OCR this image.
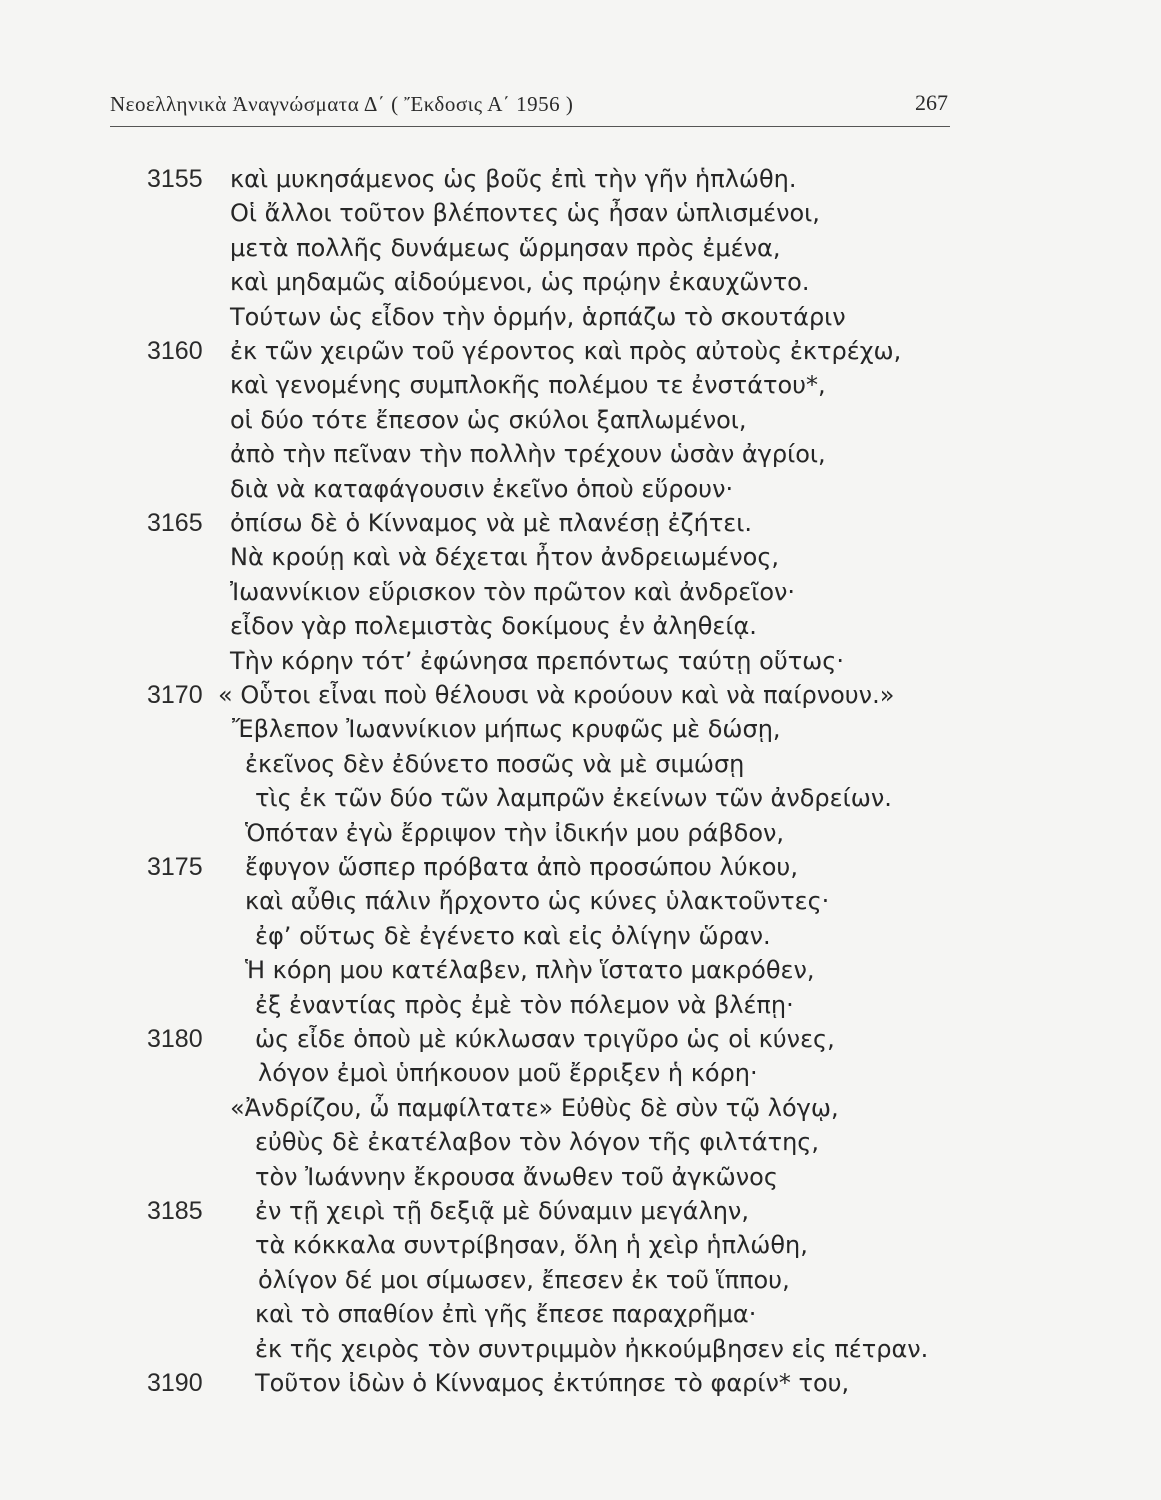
Νεοελληνικὰ Ἀναγνώσματα Δ΄ ( Ἔκδοσις Α΄ 1956 )	267
3155 καὶ μυκησάμενος ὡς βοῦς ἐπὶ τὴν γῆν ἡπλώθη.
Οἱ ἄλλοι τοῦτον βλέποντες ὡς ἦσαν ὡπλισμένοι,
μετὰ πολλῆς δυνάμεως ὥρμησαν πρὸς ἐμένα,
καὶ μηδαμῶς αἰδούμενοι, ὡς πρῴην ἐκαυχῶντο.
Τούτων ὡς εἶδον τὴν ὁρμήν, ἁρπάζω τὸ σκουτάριν
3160 ἐκ τῶν χειρῶν τοῦ γέροντος καὶ πρὸς αὐτοὺς ἐκτρέχω,
καὶ γενομένης συμπλοκῆς πολέμου τε ἐνστάτου*,
οἱ δύο τότε ἔπεσον ὡς σκύλοι ξαπλωμένοι,
ἀπὸ τὴν πεῖναν τὴν πολλὴν τρέχουν ὡσὰν ἀγρίοι,
διὰ νὰ καταφάγουσιν ἐκεῖνο ὁποὺ εὕρουν·
3165 ὀπίσω δὲ ὁ Κίνναμος νὰ μὲ πλανέσῃ ἐζήτει.
Νὰ κρούῃ καὶ νὰ δέχεται ἦτον ἀνδρειωμένος,
Ἰωαννίκιον εὕρισκον τὸν πρῶτον καὶ ἀνδρεῖον·
εἶδον γὰρ πολεμιστὰς δοκίμους ἐν ἀληθείᾳ.
Τὴν κόρην τότ’ ἐφώνησα πρεπόντως ταύτῃ οὕτως·
3170 « Οὗτοι εἶναι ποὺ θέλουσι νὰ κρούουν καὶ νὰ παίρνουν.»
Ἔβλεπον Ἰωαννίκιον μήπως κρυφῶς μὲ δώσῃ,
ἐκεῖνος δὲν ἐδύνετο ποσῶς νὰ μὲ σιμώσῃ
τὶς ἐκ τῶν δύο τῶν λαμπρῶν ἐκείνων τῶν ἀνδρείων.
Ὁπόταν ἐγὼ ἔρριψον τὴν ἰδικήν μου ράβδον,
3175 ἔφυγον ὥσπερ πρόβατα ἀπὸ προσώπου λύκου,
καὶ αὖθις πάλιν ἤρχοντο ὡς κύνες ὑλακτοῦντες·
ἐφ’ οὕτως δὲ ἐγένετο καὶ εἰς ὀλίγην ὥραν.
Ἡ κόρη μου κατέλαβεν, πλὴν ἵστατο μακρόθεν,
ἐξ ἐναντίας πρὸς ἐμὲ τὸν πόλεμον νὰ βλέπῃ·
3180 ὡς εἶδε ὁποὺ μὲ κύκλωσαν τριγῦρο ὡς οἱ κύνες,
λόγον ἐμοὶ ὑπήκουον μοῦ ἔρριξεν ἡ κόρη·
«Ἀνδρίζου, ὦ παμφίλτατε» Εὐθὺς δὲ σὺν τῷ λόγῳ,
εὐθὺς δὲ ἐκατέλαβον τὸν λόγον τῆς φιλτάτης,
τὸν Ἰωάννην ἔκρουσα ἄνωθεν τοῦ ἀγκῶνος
3185 ἐν τῇ χειρὶ τῇ δεξιᾷ μὲ δύναμιν μεγάλην,
τὰ κόκκαλα συντρίβησαν, ὅλη ἡ χεὶρ ἡπλώθη,
ὀλίγον δέ μοι σίμωσεν, ἔπεσεν ἐκ τοῦ ἵππου,
καὶ τὸ σπαθίον ἐπὶ γῆς ἔπεσε παραχρῆμα·
ἐκ τῆς χειρὸς τὸν συντριμμὸν ἠκκούμβησεν εἰς πέτραν.
3190 Τοῦτον ἰδὼν ὁ Κίνναμος ἐκτύπησε τὸ φαρίν* του,
